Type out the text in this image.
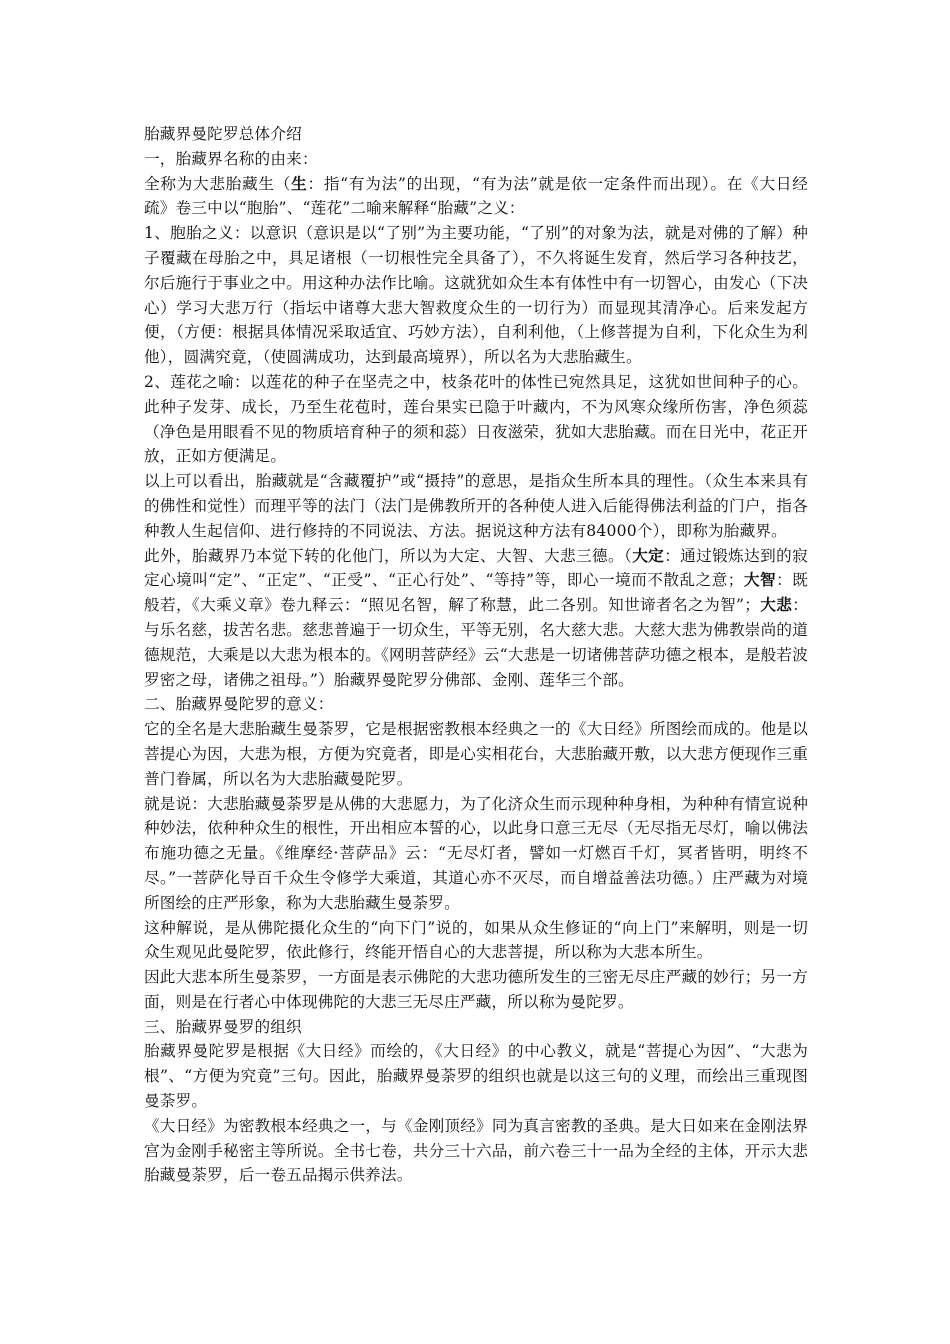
胎藏界曼陀罗总体介绍

一，胎藏界名称的由来：

全称为大悲胎藏生（生：指“有为法”的出现，“有为法”就是依一定条件而出现）。在《大日经疏》卷三中以“胞胎”、“莲花”二喻来解释“胎藏”之义：

1、胞胎之义：以意识（意识是以“了别”为主要功能，“了别”的对象为法，就是对佛的了解）种子覆藏在母胎之中，具足诸根（一切根性完全具备了），不久将诞生发育，然后学习各种技艺，尔后施行于事业之中。用这种办法作比喻。这就犹如众生本有体性中有一切智心，由发心（下决心）学习大悲万行（指坛中诸尊大悲大智救度众生的一切行为）而显现其清净心。后来发起方便，（方便：根据具体情况采取适宜、巧妙方法），自利利他，（上修菩提为自利，下化众生为利他），圆满究竟，（使圆满成功，达到最高境界），所以名为大悲胎藏生。

2、莲花之喻：以莲花的种子在坚壳之中，枝条花叶的体性已宛然具足，这犹如世间种子的心。此种子发芽、成长，乃至生花苞时，莲台果实已隐于叶藏内，不为风寒众缘所伤害，净色须蕊（净色是用眼看不见的物质培育种子的须和蕊）日夜滋荣，犹如大悲胎藏。而在日光中，花正开放，正如方便满足。

以上可以看出，胎藏就是“含藏覆护”或“摄持”的意思，是指众生所本具的理性。（众生本来具有的佛性和觉性）而理平等的法门（法门是佛教所开的各种使人进入后能得佛法利益的门户，指各种教人生起信仰、进行修持的不同说法、方法。据说这种方法有84000个），即称为胎藏界。

此外，胎藏界乃本觉下转的化他门，所以为大定、大智、大悲三德。（大定：通过锻炼达到的寂定心境叫“定”、“正定”、“正受”、“正心行处”、“等持”等，即心一境而不散乱之意；大智：既般若，《大乘义章》卷九释云：“照见名智，解了称慧，此二各别。知世谛者名之为智”；大悲：与乐名慈，拔苦名悲。慈悲普遍于一切众生，平等无别，名大慈大悲。大慈大悲为佛教崇尚的道德规范，大乘是以大悲为根本的。《网明菩萨经》云“大悲是一切诸佛菩萨功德之根本，是般若波罗密之母，诸佛之祖母。”）胎藏界曼陀罗分佛部、金刚、莲华三个部。

二、胎藏界曼陀罗的意义：

它的全名是大悲胎藏生曼荼罗，它是根据密教根本经典之一的《大日经》所图绘而成的。他是以菩提心为因，大悲为根，方便为究竟者，即是心实相花台，大悲胎藏开敷，以大悲方便现作三重普门眷属，所以名为大悲胎藏曼陀罗。

就是说：大悲胎藏曼荼罗是从佛的大悲愿力，为了化济众生而示现种种身相，为种种有情宣说种种妙法，依种种众生的根性，开出相应本誓的心，以此身口意三无尽（无尽指无尽灯，喻以佛法布施功德之无量。《维摩经·菩萨品》云：“无尽灯者，譬如一灯燃百千灯，冥者皆明，明终不尽。”一菩萨化导百千众生令修学大乘道，其道心亦不灭尽，而自增益善法功德。）庄严藏为对境所图绘的庄严形象，称为大悲胎藏生曼荼罗。

这种解说，是从佛陀摄化众生的“向下门”说的，如果从众生修证的“向上门”来解明，则是一切众生观见此曼陀罗，依此修行，终能开悟自心的大悲菩提，所以称为大悲本所生。

因此大悲本所生曼荼罗，一方面是表示佛陀的大悲功德所发生的三密无尽庄严藏的妙行；另一方面，则是在行者心中体现佛陀的大悲三无尽庄严藏，所以称为曼陀罗。

三、胎藏界曼罗的组织

胎藏界曼陀罗是根据《大日经》而绘的，《大日经》的中心教义，就是“菩提心为因”、“大悲为根”、“方便为究竟”三句。因此，胎藏界曼荼罗的组织也就是以这三句的义理，而绘出三重现图曼荼罗。

《大日经》为密教根本经典之一，与《金刚顶经》同为真言密教的圣典。是大日如来在金刚法界宫为金刚手秘密主等所说。全书七卷，共分三十六品，前六卷三十一品为全经的主体，开示大悲胎藏曼荼罗，后一卷五品揭示供养法。
